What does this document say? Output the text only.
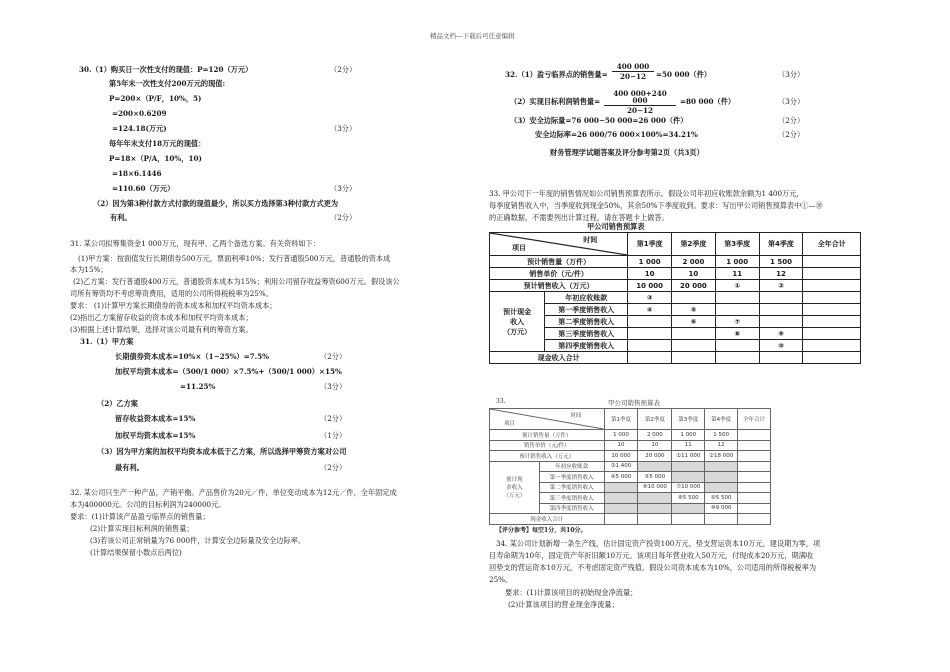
精品文档---下载后可任意编辑
30.（1）购买日一次性支付的现值：P=120（万元）	（2分）
第5年末一次性支付200万元的现值:
P=200×（P/F，10%，5)
=200×0.6209
=124.18(万元)	（3分）
每年年末支付18万元的现值：
P=18×（P/A，10%，10)
=18×6.1446
=110.60（万元）	（3分）
（2）因为第3种付款方式付款的现值最少，所以买方选择第3种付款方式更为
有利。	（2分）
31. 某公司拟筹集资金1 000万元，现有甲、乙两个备选方案。有关资料如下：
(1)甲方案：按面值发行长期债券500万元，票面利率10%；发行普通股500万元，普通股的资本成
本为15%；
(2)乙方案：发行普通股400万元，普通股资本成本为15%；利用公司留存收益筹资600万元。假设该公
司所有筹资均不考虑筹资费用，适用的公司所得税税率为25%。
要求： (1)计算甲方案长期债券的资本成本和加权平均资本成本；
(2)指出乙方案留存收益的资本成本和加权平均资本成本；
(3)根据上述计算结果，选择对该公司最有利的筹资方案。
31.（1）甲方案
长期债券资本成本=10%×（1−25%）=7.5%	（2分）
加权平均资本成本=（500/1 000）×7.5%+（500/1 000）×15%
=11.25%	（3分）
（2）乙方案
留存收益资本成本=15%	（2分）
加权平均资本成本=15%	（1分）
（3）因为甲方案的加权平均资本成本低于乙方案，所以选择甲筹资方案对公司
最有利。	（2分）
32. 某公司只生产一种产品，产销平衡。产品售价为20元／件，单位变动成本为12元／件，全年固定成
本为400000元。公司的目标利润为240000元。
要求：(1)计算该产品盈亏临界点的销售量；
(2)计算实现目标利润的销售量；
(3)若该公司正常销量为76 000件，计算安全边际量及安全边际率。
(计算结果保留小数点后两位)
32.（1）盈亏临界点的销售量= $\frac{400 000}{20-12} =50$ 000（件）	（3分）
（2）实现目标利润销售量= $\frac{400 000+240 000}{20-12} =80$ 000（件）	（3分）
（3）安全边际量=76 000−50 000=26 000（件）	（2分）
安全边际率=26 000/76 000×100%=34.21%	（2分）
财务管理学试题答案及评分参考第2页（共3页）
33. 甲公司下一年度的销售情况如公司销售预算表所示。假设公司年初应收账款余额为1 400万元，
每季度销售收入中，当季度收到现金50%，其余50%下季度收到。要求：写出甲公司销售预算表中①—⑩
的正确数据，不需要列出计算过程，请在答题卡上做答。
甲公司销售预算表
时间
项目		第1季度	第2季度	第3季度	第4季度	全年合计
预计销售量（万件）		1 000	2 000	1 000	1 500	
销售单价（元/件）		10	10	11	12	
预计销售收入（万元）		10 000	20 000	①	②	

预计现金
收入
（万元）	年初应收账款	③				
	第一季度销售收入	④	⑤			
	第二季度销售收入		⑥	⑦		
	第三季度销售收入			⑧	⑨	
	第四季度销售收入				⑩	
现金收入合计						
33.	甲公司销售预算表
时间
项目		第1季度	第2季度	第3季度	第4季度	全年合计
预计销售量（万件）		1 000	2 000	1 000	1 500	
销售单价（元/件）		10	10	11	12	
预计销售收入（万元）		10 000	20 000	①11 000	②18 000	

预计现
金收入
（万元）	年初应收账款	③1 400				
	第一季度销售收入	④5 000	⑤5 000			
	第二季度销售收入		⑥10 000	⑦10 000		
	第三季度销售收入			⑧5 500	⑨5 500	
	第四季度销售收入				⑩9 000	
现金收入合计						
【评分参考】每空1分，共10分。
34. 某公司计划新增一条生产线，估计固定资产投资100万元，垫支营运资本10万元，建设期为零，项
目寿命期为10年，固定资产年折旧额10万元。该项目每年营业收入50万元，付现成本20万元，期满收
回垫支的营运资本10万元，不考虑固定资产残值。假设公司资本成本为10%，公司适用的所得税税率为
25%。
要求：(1)计算该项目的初始现金净流量；
(2)计算该项目的营业现金净流量；
